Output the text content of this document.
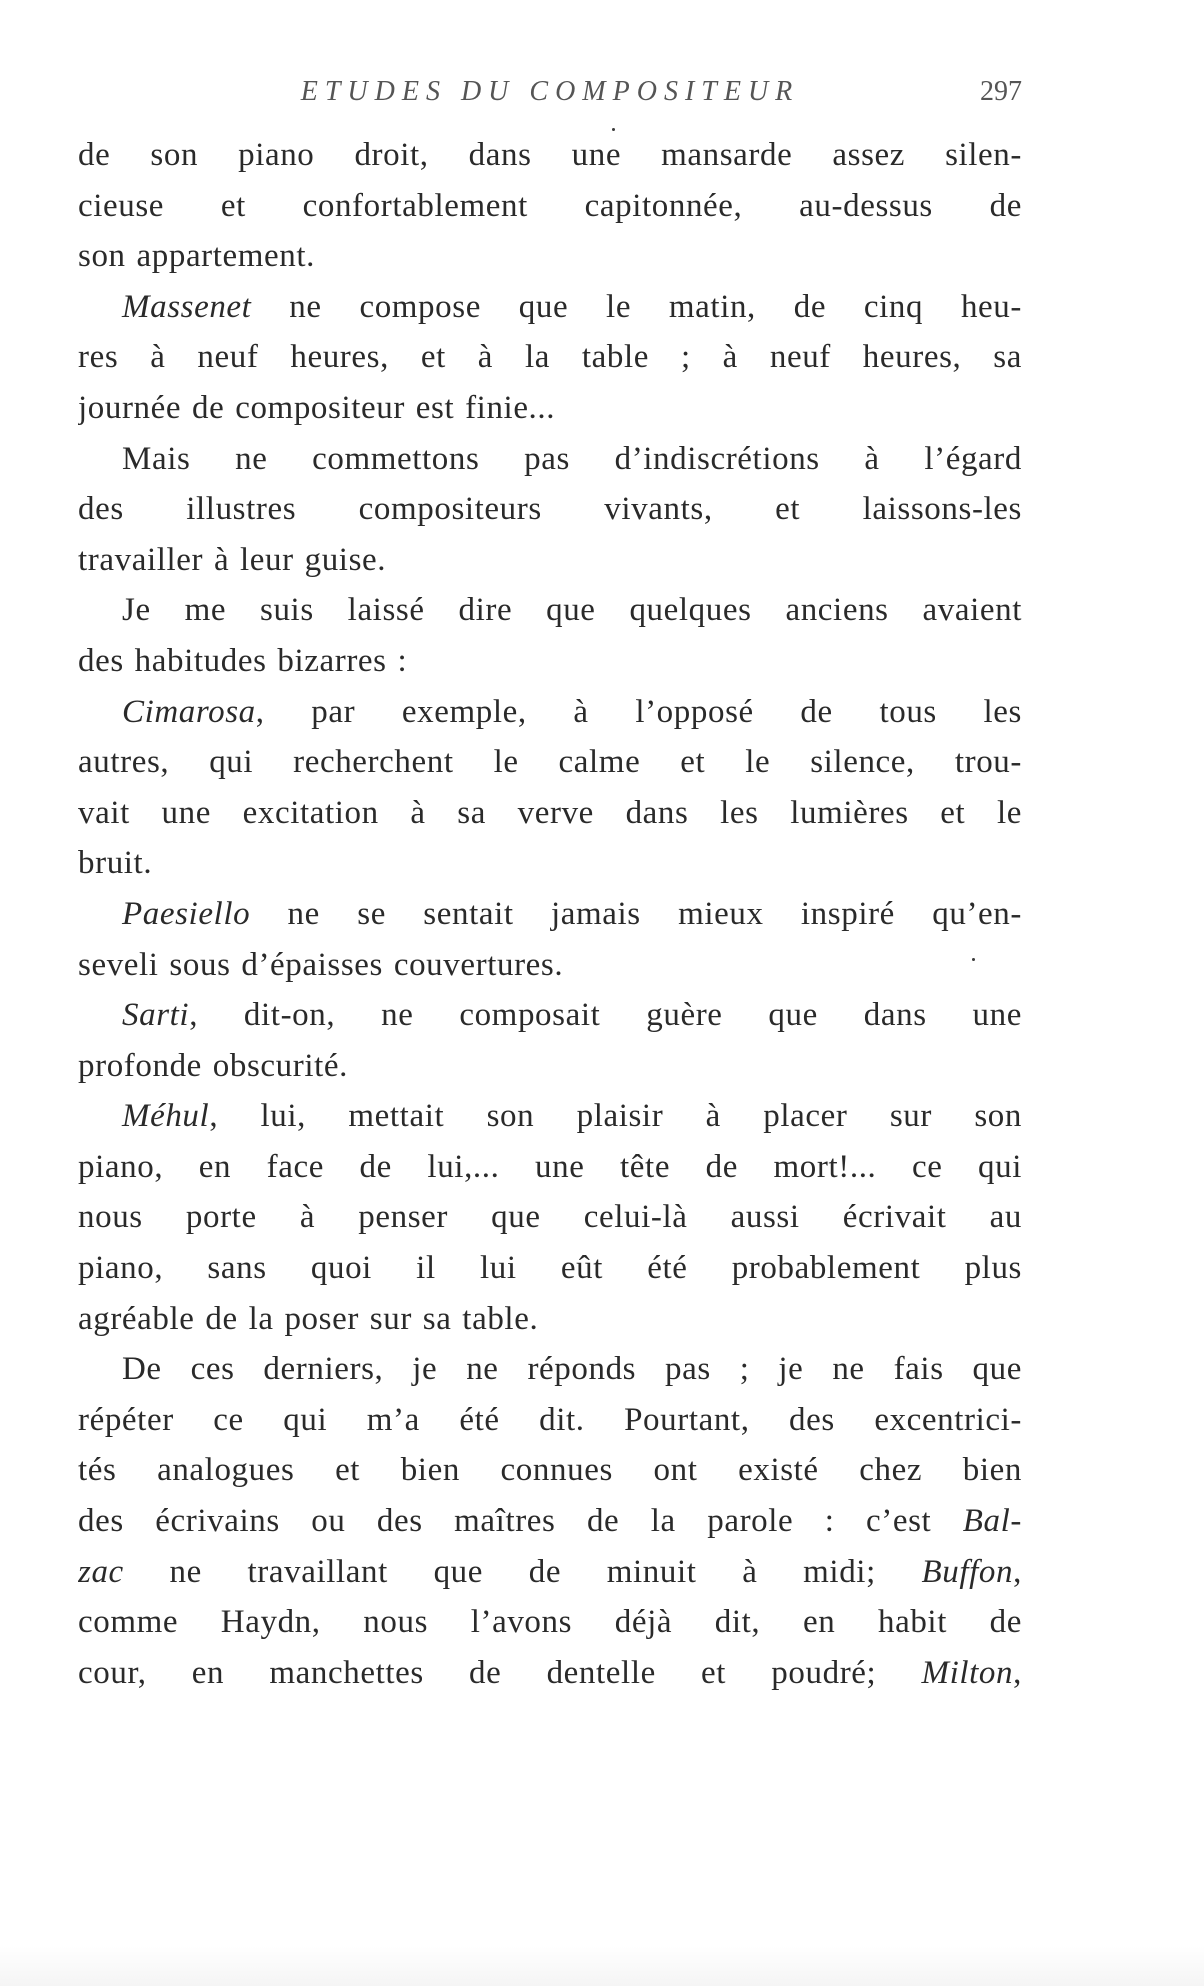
ETUDES DU COMPOSITEUR	297
de son piano droit, dans une mansarde assez silen-
cieuse et confortablement capitonnée, au-dessus de
son appartement.
Massenet ne compose que le matin, de cinq heu-
res à neuf heures, et à la table ; à neuf heures, sa
journée de compositeur est finie...
Mais ne commettons pas d’indiscrétions à l’égard
des illustres compositeurs vivants, et laissons-les
travailler à leur guise.
Je me suis laissé dire que quelques anciens avaient
des habitudes bizarres :
Cimarosa, par exemple, à l’opposé de tous les
autres, qui recherchent le calme et le silence, trou-
vait une excitation à sa verve dans les lumières et le
bruit.
Paesiello ne se sentait jamais mieux inspiré qu’en-
seveli sous d’épaisses couvertures.
Sarti, dit-on, ne composait guère que dans une
profonde obscurité.
Méhul, lui, mettait son plaisir à placer sur son
piano, en face de lui,... une tête de mort!... ce qui
nous porte à penser que celui-là aussi écrivait au
piano, sans quoi il lui eût été probablement plus
agréable de la poser sur sa table.
De ces derniers, je ne réponds pas ; je ne fais que
répéter ce qui m’a été dit. Pourtant, des excentrici-
tés analogues et bien connues ont existé chez bien
des écrivains ou des maîtres de la parole : c’est Bal-
zac ne travaillant que de minuit à midi; Buffon,
comme Haydn, nous l’avons déjà dit, en habit de
cour, en manchettes de dentelle et poudré; Milton,
